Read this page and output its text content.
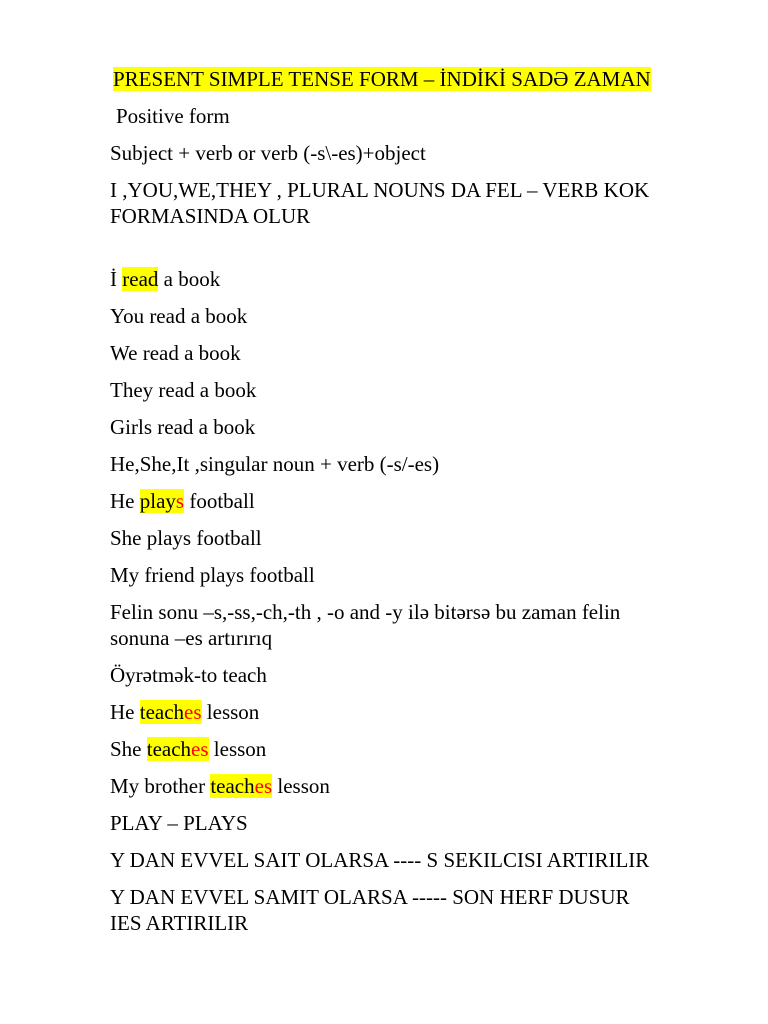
PRESENT SIMPLE TENSE FORM – İNDİKİ SADƏ ZAMAN

Positive form

Subject + verb or verb (-s\-es)+object

I ,YOU,WE,THEY , PLURAL NOUNS DA FEL – VERB KOK

FORMASINDA OLUR

İ read a book

You read a book

We read a book

They read a book

Girls read a book

He,She,It ,singular noun + verb (-s/-es)

He plays football

She plays football

My friend plays football

Felin sonu –s,-ss,-ch,-th , -o and -y ilə bitərsə bu zaman felin

sonuna –es artırırıq

Öyrətmək-to teach

He teaches lesson

She teaches lesson

My brother teaches lesson

PLAY – PLAYS

Y DAN EVVEL SAIT OLARSA ---- S SEKILCISI ARTIRILIR

Y DAN EVVEL SAMIT OLARSA ----- SON HERF DUSUR

IES ARTIRILIR
